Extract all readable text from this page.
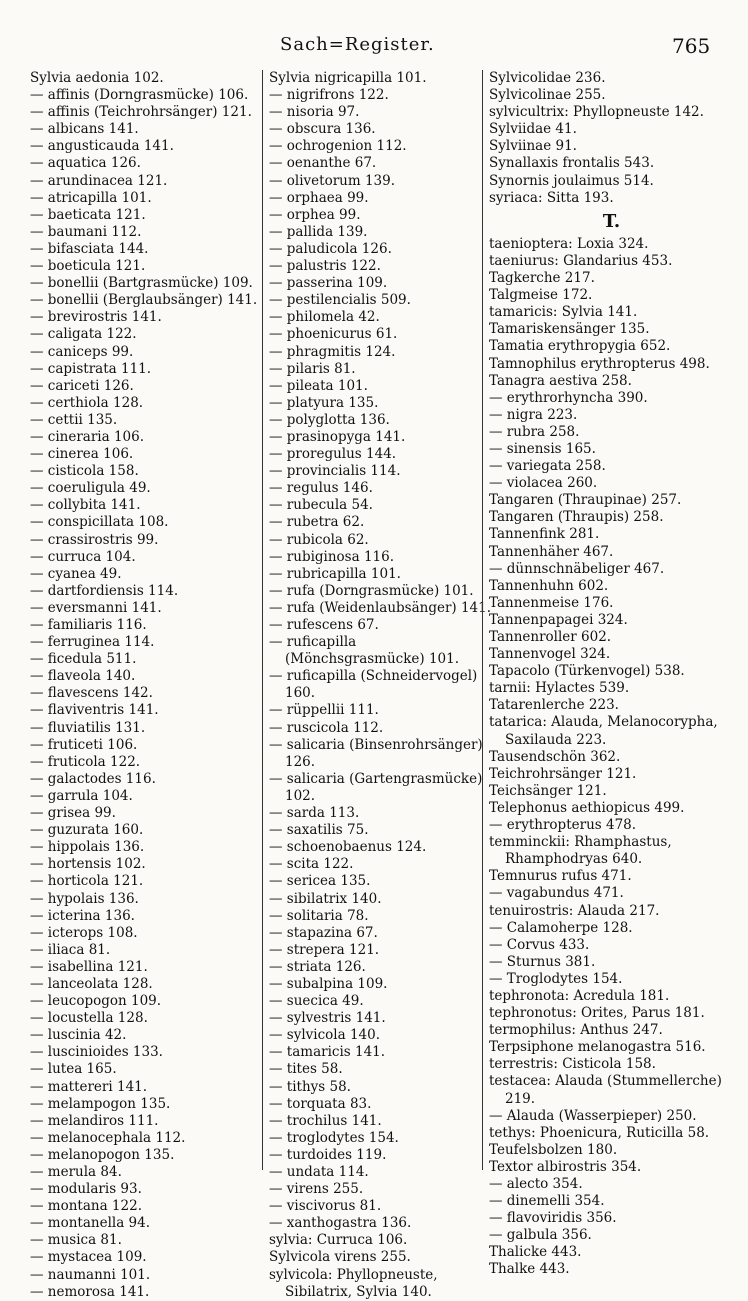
Sach=Register.	765
Sylvia aedonia 102.
— affinis (Dorngrasmücke) 106.
— affinis (Teichrohrsänger) 121.
— albicans 141.
— angusticauda 141.
— aquatica 126.
— arundinacea 121.
— atricapilla 101.
— baeticata 121.
— baumani 112.
— bifasciata 144.
— boeticula 121.
— bonellii (Bartgrasmücke) 109.
— bonellii (Berglaubsänger) 141.
— brevirostris 141.
— caligata 122.
— caniceps 99.
— capistrata 111.
— cariceti 126.
— certhiola 128.
— cettii 135.
— cineraria 106.
— cinerea 106.
— cisticola 158.
— coeruligula 49.
— collybita 141.
— conspicillata 108.
— crassirostris 99.
— curruca 104.
— cyanea 49.
— dartfordiensis 114.
— eversmanni 141.
— familiaris 116.
— ferruginea 114.
— ficedula 511.
— flaveola 140.
— flavescens 142.
— flaviventris 141.
— fluviatilis 131.
— fruticeti 106.
— fruticola 122.
— galactodes 116.
— garrula 104.
— grisea 99.
— guzurata 160.
— hippolais 136.
— hortensis 102.
— horticola 121.
— hypolais 136.
— icterina 136.
— icterops 108.
— iliaca 81.
— isabellina 121.
— lanceolata 128.
— leucopogon 109.
— locustella 128.
— luscinia 42.
— luscinioides 133.
— lutea 165.
— mattereri 141.
— melampogon 135.
— melandiros 111.
— melanocephala 112.
— melanopogon 135.
— merula 84.
— modularis 93.
— montana 122.
— montanella 94.
— musica 81.
— mystacea 109.
— naumanni 101.
— nemorosa 141.
Sylvia nigricapilla 101.
— nigrifrons 122.
— nisoria 97.
— obscura 136.
— ochrogenion 112.
— oenanthe 67.
— olivetorum 139.
— orphaea 99.
— orphea 99.
— pallida 139.
— paludicola 126.
— palustris 122.
— passerina 109.
— pestilencialis 509.
— philomela 42.
— phoenicurus 61.
— phragmitis 124.
— pilaris 81.
— pileata 101.
— platyura 135.
— polyglotta 136.
— prasinopyga 141.
— proregulus 144.
— provincialis 114.
— regulus 146.
— rubecula 54.
— rubetra 62.
— rubicola 62.
— rubiginosa 116.
— rubricapilla 101.
— rufa (Dorngrasmücke) 101.
— rufa (Weidenlaubsänger) 141.
— rufescens 67.
— ruficapilla (Mönchsgrasmücke) 101.
— ruficapilla (Schneidervogel) 160.
— rüppellii 111.
— ruscicola 112.
— salicaria (Binsenrohrsänger) 126.
— salicaria (Gartengrasmücke) 102.
— sarda 113.
— saxatilis 75.
— schoenobaenus 124.
— scita 122.
— sericea 135.
— sibilatrix 140.
— solitaria 78.
— stapazina 67.
— strepera 121.
— striata 126.
— subalpina 109.
— suecica 49.
— sylvestris 141.
— sylvicola 140.
— tamaricis 141.
— tites 58.
— tithys 58.
— torquata 83.
— trochilus 141.
— troglodytes 154.
— turdoides 119.
— undata 114.
— virens 255.
— viscivorus 81.
— xanthogastra 136.
sylvia: Curruca 106.
Sylvicola virens 255.
sylvicola: Phyllopneuste, Sibilatrix, Sylvia 140.
Sylvicolidae 236.
Sylvicolinae 255.
sylvicultrix: Phyllopneuste 142.
Sylviidae 41.
Sylviinae 91.
Synallaxis frontalis 543.
Synornis joulaimus 514.
syriaca: Sitta 193.
T.
taenioptera: Loxia 324.
taeniurus: Glandarius 453.
Tagkerche 217.
Talgmeise 172.
tamaricis: Sylvia 141.
Tamariskensänger 135.
Tamatia erythropygia 652.
Tamnophilus erythropterus 498.
Tanagra aestiva 258.
— erythrorhyncha 390.
— nigra 223.
— rubra 258.
— sinensis 165.
— variegata 258.
— violacea 260.
Tangaren (Thraupinae) 257.
Tangaren (Thraupis) 258.
Tannenfink 281.
Tannenhäher 467.
— dünnschnäbeliger 467.
Tannenhuhn 602.
Tannenmeise 176.
Tannenpapagei 324.
Tannenroller 602.
Tannenvogel 324.
Tapacolo (Türkenvogel) 538.
tarnii: Hylactes 539.
Tatarenlerche 223.
tatarica: Alauda, Melanocorypha, Saxilauda 223.
Tausendschön 362.
Teichrohrsänger 121.
Teichsänger 121.
Telephonus aethiopicus 499.
— erythropterus 478.
temminckii: Rhamphastus, Rhamphodryas 640.
Temnurus rufus 471.
— vagabundus 471.
tenuirostris: Alauda 217.
— Calamoherpe 128.
— Corvus 433.
— Sturnus 381.
— Troglodytes 154.
tephronota: Acredula 181.
tephronotus: Orites, Parus 181.
termophilus: Anthus 247.
Terpsiphone melanogastra 516.
terrestris: Cisticola 158.
testacea: Alauda (Stummellerche) 219.
— Alauda (Wasserpieper) 250.
tethys: Phoenicura, Ruticilla 58.
Teufelsbolzen 180.
Textor albirostris 354.
— alecto 354.
— dinemelli 354.
— flavoviridis 356.
— galbula 356.
Thalicke 443.
Thalke 443.
